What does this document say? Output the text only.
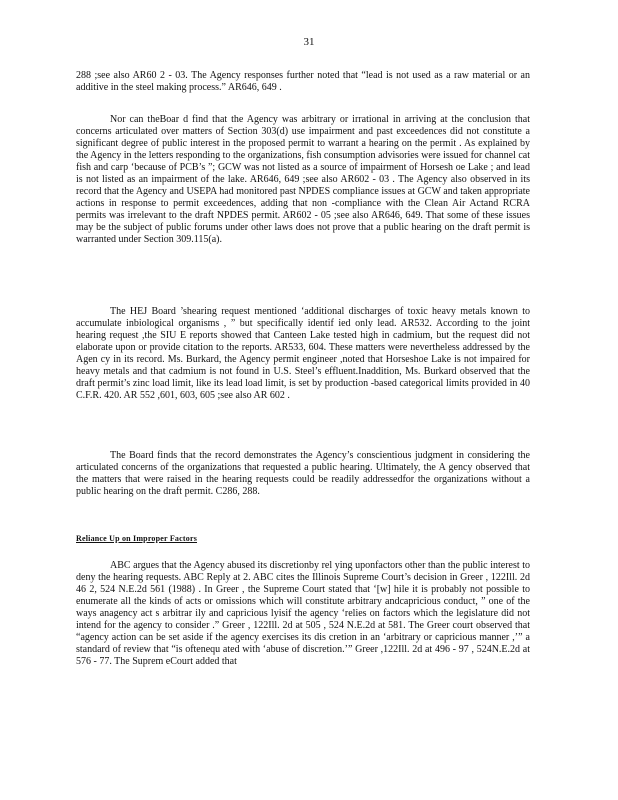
31

288 ;see also AR60 2 - 03. The Agency responses further noted that “lead is not used as a raw material or an additive in the steel making process.” AR646, 649 .

Nor can theBoar d find that the Agency was arbitrary or irrational in arriving at the conclusion that concerns articulated over matters of Section 303(d) use impairment and past exceedences did not constitute a significant degree of public interest in the proposed permit to warrant a hearing on the permit . As explained by the Agency in the letters responding to the organizations, fish consumption advisories were issued for channel cat fish and carp ‘because of PCB’s ”; GCW was not listed as a source of impairment of Horsesh oe Lake ; and lead is not listed as an impairment of the lake. AR646, 649 ;see also AR602 - 03 . The Agency also observed in its record that the Agency and USEPA had monitored past NPDES compliance issues at GCW and taken appropriate actions in response to permit exceedences, adding that non -compliance with the Clean Air Actand RCRA permits was irrelevant to the draft NPDES permit. AR602 - 05 ;see also AR646, 649. That some of these issues may be the subject of public forums under other laws does not prove that a public hearing on the draft permit is warranted under Section 309.115(a).

The HEJ Board ’shearing request mentioned ‘additional discharges of toxic heavy metals known to accumulate inbiological organisms , ” but specifically identif ied only lead. AR532. According to the joint hearing request ,the SIU E reports showed that Canteen Lake tested high in cadmium, but the request did not elaborate upon or provide citation to the reports. AR533, 604. These matters were nevertheless addressed by the Agen cy in its record. Ms. Burkard, the Agency permit engineer ,noted that Horseshoe Lake is not impaired for heavy metals and that cadmium is not found in U.S. Steel’s effluent.Inaddition, Ms. Burkard observed that the draft permit’s zinc load limit, like its lead load limit, is set by production -based categorical limits provided in 40 C.F.R. 420. AR 552 ,601, 603, 605 ;see also AR 602 .

The Board finds that the record demonstrates the Agency’s conscientious judgment in considering the articulated concerns of the organizations that requested a public hearing. Ultimately, the A gency observed that the matters that were raised in the hearing requests could be readily addressedfor the organizations without a public hearing on the draft permit. C286, 288.

Reliance Up on Improper Factors

ABC argues that the Agency abused its discretionby rel ying uponfactors other than the public interest to deny the hearing requests. ABC Reply at 2. ABC cites the Illinois Supreme Court’s decision in Greer , 122Ill. 2d 46 2, 524 N.E.2d 561 (1988) . In Greer , the Supreme Court stated that ‘[w] hile it is probably not possible to enumerate all the kinds of acts or omissions which will constitute arbitrary andcapricious conduct, ” one of the ways anagency act s arbitrar ily and capricious lyisif the agency ‘relies on factors which the legislature did not intend for the agency to consider .” Greer , 122Ill. 2d at 505 , 524 N.E.2d at 581. The Greer court observed that “agency action can be set aside if the agency exercises its dis cretion in an ‘arbitrary or capricious manner ,’” a standard of review that “is oftenequ ated with ‘abuse of discretion.’” Greer ,122Ill. 2d at 496 - 97 , 524N.E.2d at 576 - 77. The Suprem eCourt added that
